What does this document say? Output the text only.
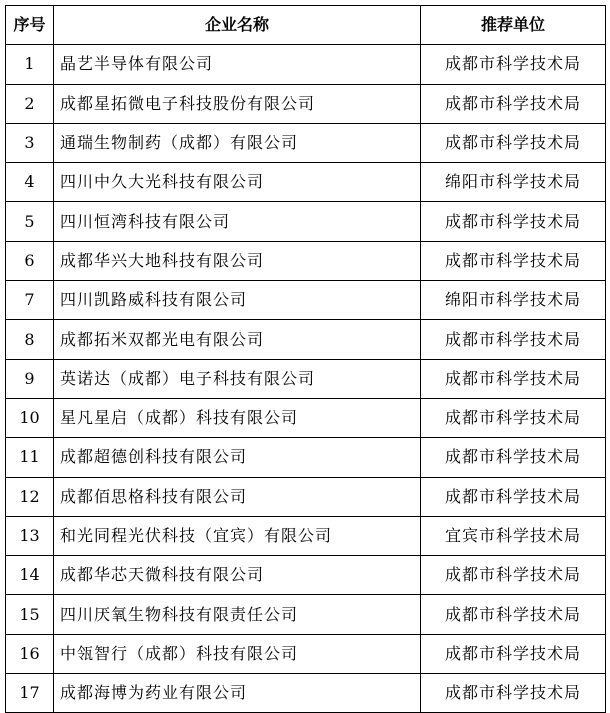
序号	企业名称	推荐单位
1	晶艺半导体有限公司	成都市科学技术局
2	成都星拓微电子科技股份有限公司	成都市科学技术局
3	通瑞生物制药（成都）有限公司	成都市科学技术局
4	四川中久大光科技有限公司	绵阳市科学技术局
5	四川恒湾科技有限公司	成都市科学技术局
6	成都华兴大地科技有限公司	成都市科学技术局
7	四川凯路威科技有限公司	绵阳市科学技术局
8	成都拓米双都光电有限公司	成都市科学技术局
9	英诺达（成都）电子科技有限公司	成都市科学技术局
10	星凡星启（成都）科技有限公司	成都市科学技术局
11	成都超德创科技有限公司	成都市科学技术局
12	成都佰思格科技有限公司	成都市科学技术局
13	和光同程光伏科技（宜宾）有限公司	宜宾市科学技术局
14	成都华芯天微科技有限公司	成都市科学技术局
15	四川厌氧生物科技有限责任公司	成都市科学技术局
16	中瓴智行（成都）科技有限公司	成都市科学技术局
17	成都海博为药业有限公司	成都市科学技术局
